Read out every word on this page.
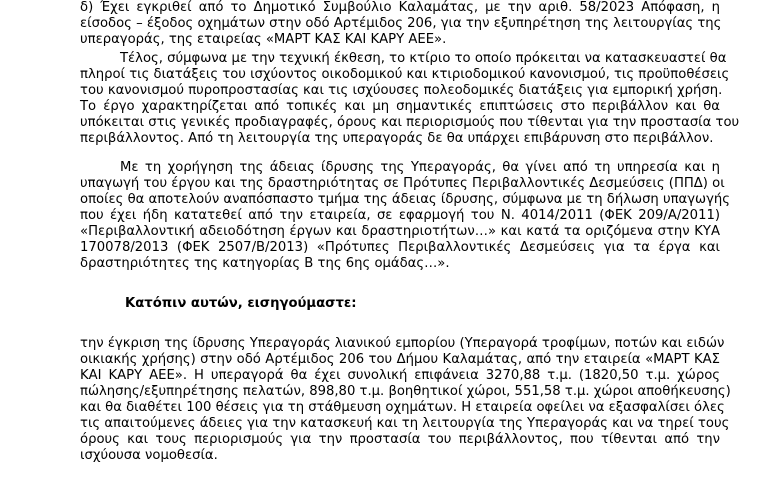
δ) Έχει εγκριθεί από το Δημοτικό Συμβούλιο Καλαμάτας, με την αριθ. 58/2023 Απόφαση, η
είσοδος – έξοδος οχημάτων στην οδό Αρτέμιδος 206, για την εξυπηρέτηση της λειτουργίας της
υπεραγοράς, της εταιρείας «ΜΑΡΤ ΚΑΣ ΚΑΙ ΚΑΡΥ ΑΕΕ».
Τέλος, σύμφωνα με την τεχνική έκθεση, το κτίριο το οποίο πρόκειται να κατασκευαστεί θα
πληροί τις διατάξεις του ισχύοντος οικοδομικού και κτιριοδομικού κανονισμού, τις προϋποθέσεις
του κανονισμού πυροπροστασίας και τις ισχύουσες πολεοδομικές διατάξεις για εμπορική χρήση.
Το έργο χαρακτηρίζεται από τοπικές και μη σημαντικές επιπτώσεις στο περιβάλλον και θα
υπόκειται στις γενικές προδιαγραφές, όρους και περιορισμούς που τίθενται για την προστασία του
περιβάλλοντος. Από τη λειτουργία της υπεραγοράς δε θα υπάρχει επιβάρυνση στο περιβάλλον.
Με τη χορήγηση της άδειας ίδρυσης της Υπεραγοράς, θα γίνει από τη υπηρεσία και η
υπαγωγή του έργου και της δραστηριότητας σε Πρότυπες Περιβαλλοντικές Δεσμεύσεις (ΠΠΔ) οι
οποίες θα αποτελούν αναπόσπαστο τμήμα της άδειας ίδρυσης, σύμφωνα με τη δήλωση υπαγωγής
που έχει ήδη κατατεθεί από την εταιρεία, σε εφαρμογή του Ν. 4014/2011 (ΦΕΚ 209/Α/2011)
«Περιβαλλοντική αδειοδότηση έργων και δραστηριοτήτων…» και κατά τα οριζόμενα στην ΚΥΑ
170078/2013 (ΦΕΚ 2507/Β/2013) «Πρότυπες Περιβαλλοντικές Δεσμεύσεις για τα έργα και
δραστηριότητες της κατηγορίας Β της 6ης ομάδας…».
Κατόπιν αυτών, εισηγούμαστε:
την έγκριση της ίδρυσης Υπεραγοράς λιανικού εμπορίου (Υπεραγορά τροφίμων, ποτών και ειδών
οικιακής χρήσης) στην οδό Αρτέμιδος 206 του Δήμου Καλαμάτας, από την εταιρεία «ΜΑΡΤ ΚΑΣ
ΚΑΙ ΚΑΡΥ ΑΕΕ». Η υπεραγορά θα έχει συνολική επιφάνεια 3270,88 τ.μ. (1820,50 τ.μ. χώρος
πώλησης/εξυπηρέτησης πελατών, 898,80 τ.μ. βοηθητικοί χώροι, 551,58 τ.μ. χώροι αποθήκευσης)
και θα διαθέτει 100 θέσεις για τη στάθμευση οχημάτων. Η εταιρεία οφείλει να εξασφαλίσει όλες
τις απαιτούμενες άδειες για την κατασκευή και τη λειτουργία της Υπεραγοράς και να τηρεί τους
όρους και τους περιορισμούς για την προστασία του περιβάλλοντος, που τίθενται από την
ισχύουσα νομοθεσία.
